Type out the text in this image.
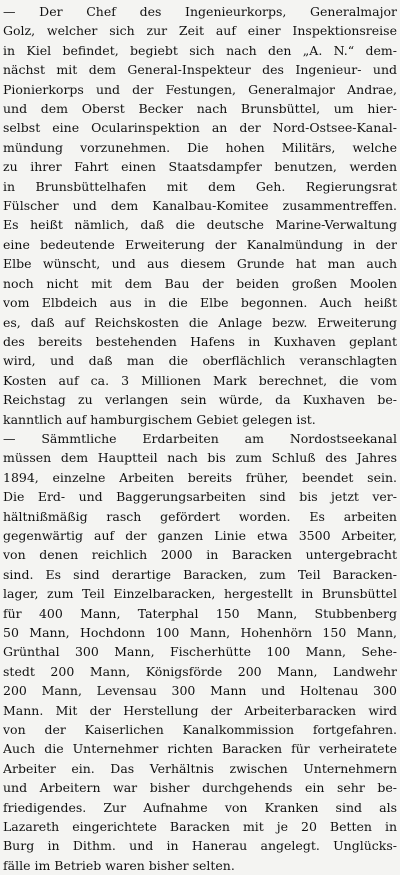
— Der Chef des Ingenieurkorps, Generalmajor
Golz, welcher sich zur Zeit auf einer Inspektionsreise
in Kiel befindet, begiebt sich nach den „A. N.“ dem-
nächst mit dem General-Inspekteur des Ingenieur- und
Pionierkorps und der Festungen, Generalmajor Andrae,
und dem Oberst Becker nach Brunsbüttel, um hier-
selbst eine Ocularinspektion an der Nord-Ostsee-Kanal-
mündung vorzunehmen. Die hohen Militärs, welche
zu ihrer Fahrt einen Staatsdampfer benutzen, werden
in Brunsbüttelhafen mit dem Geh. Regierungsrat
Fülscher und dem Kanalbau-Komitee zusammentreffen.
Es heißt nämlich, daß die deutsche Marine-Verwaltung
eine bedeutende Erweiterung der Kanalmündung in der
Elbe wünscht, und aus diesem Grunde hat man auch
noch nicht mit dem Bau der beiden großen Moolen
vom Elbdeich aus in die Elbe begonnen. Auch heißt
es, daß auf Reichskosten die Anlage bezw. Erweiterung
des bereits bestehenden Hafens in Kuxhaven geplant
wird, und daß man die oberflächlich veranschlagten
Kosten auf ca. 3 Millionen Mark berechnet, die vom
Reichstag zu verlangen sein würde, da Kuxhaven be-
kanntlich auf hamburgischem Gebiet gelegen ist.
— Sämmtliche Erdarbeiten am Nordostseekanal
müssen dem Hauptteil nach bis zum Schluß des Jahres
1894, einzelne Arbeiten bereits früher, beendet sein.
Die Erd- und Baggerungsarbeiten sind bis jetzt ver-
hältnißmäßig rasch gefördert worden. Es arbeiten
gegenwärtig auf der ganzen Linie etwa 3500 Arbeiter,
von denen reichlich 2000 in Baracken untergebracht
sind. Es sind derartige Baracken, zum Teil Baracken-
lager, zum Teil Einzelbaracken, hergestellt in Brunsbüttel
für 400 Mann, Taterphal 150 Mann, Stubbenberg
50 Mann, Hochdonn 100 Mann, Hohenhörn 150 Mann,
Grünthal 300 Mann, Fischerhütte 100 Mann, Sehe-
stedt 200 Mann, Königsförde 200 Mann, Landwehr
200 Mann, Levensau 300 Mann und Holtenau 300
Mann. Mit der Herstellung der Arbeiterbaracken wird
von der Kaiserlichen Kanalkommission fortgefahren.
Auch die Unternehmer richten Baracken für verheiratete
Arbeiter ein. Das Verhältnis zwischen Unternehmern
und Arbeitern war bisher durchgehends ein sehr be-
friedigendes. Zur Aufnahme von Kranken sind als
Lazareth eingerichtete Baracken mit je 20 Betten in
Burg in Dithm. und in Hanerau angelegt. Unglücks-
fälle im Betrieb waren bisher selten.
